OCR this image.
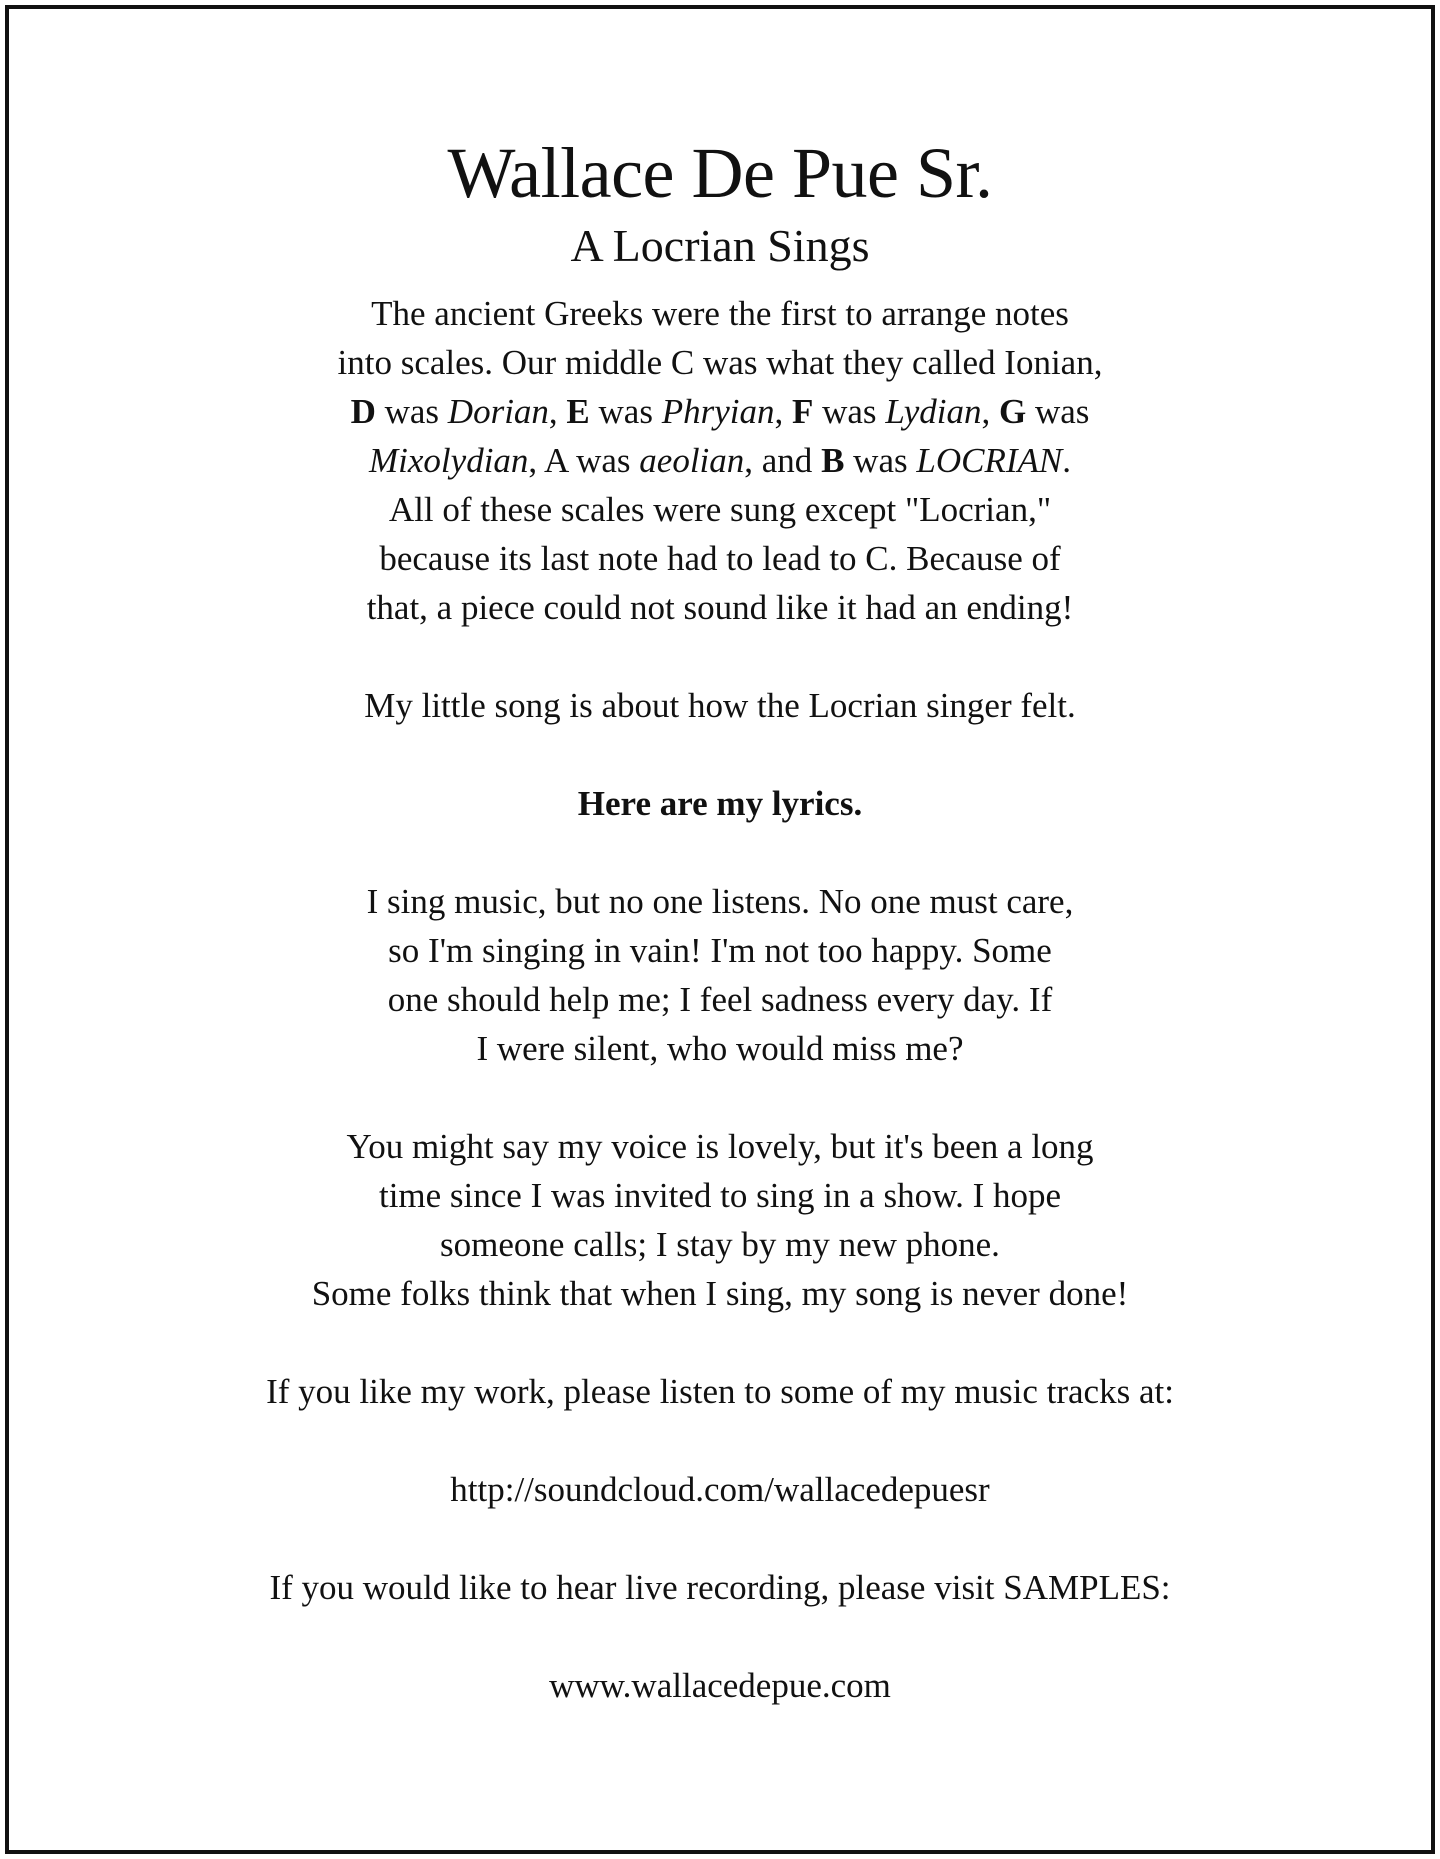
Wallace De Pue Sr.
A Locrian Sings

The ancient Greeks were the first to arrange notes
into scales. Our middle C was what they called Ionian,
D was Dorian, E was Phryian, F was Lydian, G was
Mixolydian, A was aeolian, and B was LOCRIAN.
All of these scales were sung except "Locrian,"
because its last note had to lead to C. Because of
that, a piece could not sound like it had an ending!

My little song is about how the Locrian singer felt.

Here are my lyrics.

I sing music, but no one listens. No one must care,
so I'm singing in vain! I'm not too happy. Some
one should help me; I feel sadness every day. If
I were silent, who would miss me?

You might say my voice is lovely, but it's been a long
time since I was invited to sing in a show. I hope
someone calls; I stay by my new phone.
Some folks think that when I sing, my song is never done!

If you like my work, please listen to some of my music tracks at:

http://soundcloud.com/wallacedepuesr

If you would like to hear live recording, please visit SAMPLES:

www.wallacedepue.com
